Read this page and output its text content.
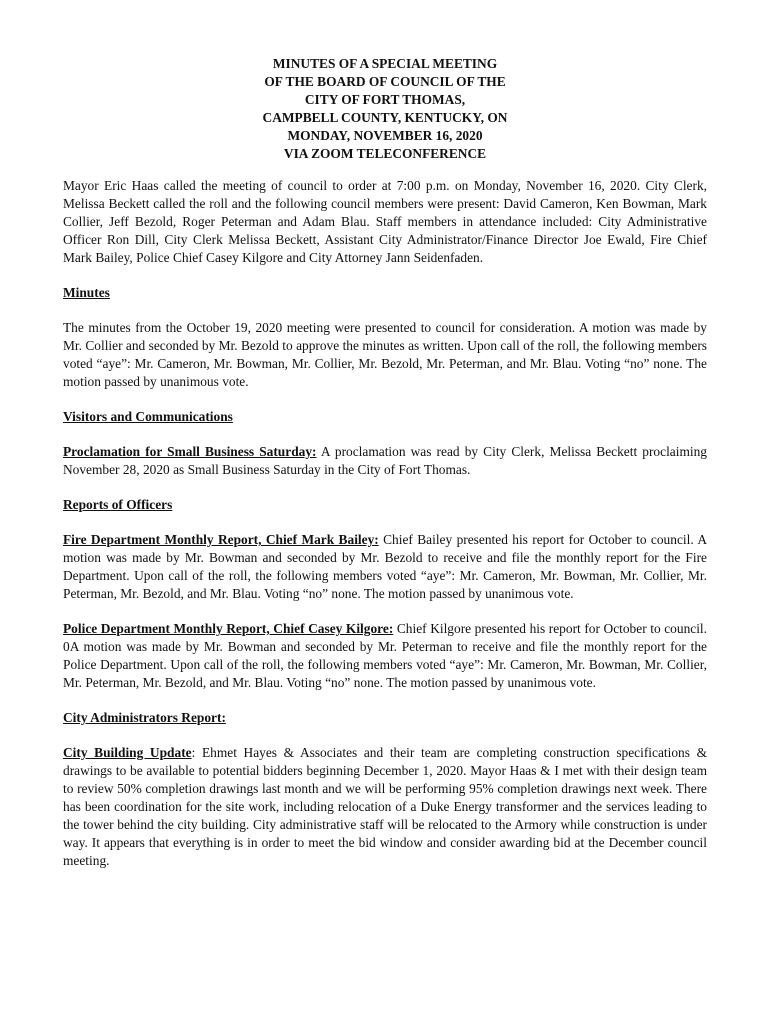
MINUTES OF A SPECIAL MEETING
OF THE BOARD OF COUNCIL OF THE
CITY OF FORT THOMAS,
CAMPBELL COUNTY, KENTUCKY, ON
MONDAY, NOVEMBER 16, 2020
VIA ZOOM TELECONFERENCE

Mayor Eric Haas called the meeting of council to order at 7:00 p.m. on Monday, November 16, 2020. City Clerk, Melissa Beckett called the roll and the following council members were present: David Cameron, Ken Bowman, Mark Collier, Jeff Bezold, Roger Peterman and Adam Blau. Staff members in attendance included: City Administrative Officer Ron Dill, City Clerk Melissa Beckett, Assistant City Administrator/Finance Director Joe Ewald, Fire Chief Mark Bailey, Police Chief Casey Kilgore and City Attorney Jann Seidenfaden.

Minutes

The minutes from the October 19, 2020 meeting were presented to council for consideration. A motion was made by Mr. Collier and seconded by Mr. Bezold to approve the minutes as written. Upon call of the roll, the following members voted “aye”: Mr. Cameron, Mr. Bowman, Mr. Collier, Mr. Bezold, Mr. Peterman, and Mr. Blau. Voting “no” none. The motion passed by unanimous vote.

Visitors and Communications

Proclamation for Small Business Saturday: A proclamation was read by City Clerk, Melissa Beckett proclaiming November 28, 2020 as Small Business Saturday in the City of Fort Thomas.

Reports of Officers

Fire Department Monthly Report, Chief Mark Bailey: Chief Bailey presented his report for October to council. A motion was made by Mr. Bowman and seconded by Mr. Bezold to receive and file the monthly report for the Fire Department. Upon call of the roll, the following members voted “aye”: Mr. Cameron, Mr. Bowman, Mr. Collier, Mr. Peterman, Mr. Bezold, and Mr. Blau. Voting “no” none. The motion passed by unanimous vote.

Police Department Monthly Report, Chief Casey Kilgore: Chief Kilgore presented his report for October to council. 0A motion was made by Mr. Bowman and seconded by Mr. Peterman to receive and file the monthly report for the Police Department. Upon call of the roll, the following members voted “aye”: Mr. Cameron, Mr. Bowman, Mr. Collier, Mr. Peterman, Mr. Bezold, and Mr. Blau. Voting “no” none. The motion passed by unanimous vote.

City Administrators Report:

City Building Update: Ehmet Hayes & Associates and their team are completing construction specifications & drawings to be available to potential bidders beginning December 1, 2020. Mayor Haas & I met with their design team to review 50% completion drawings last month and we will be performing 95% completion drawings next week. There has been coordination for the site work, including relocation of a Duke Energy transformer and the services leading to the tower behind the city building. City administrative staff will be relocated to the Armory while construction is under way. It appears that everything is in order to meet the bid window and consider awarding bid at the December council meeting.
